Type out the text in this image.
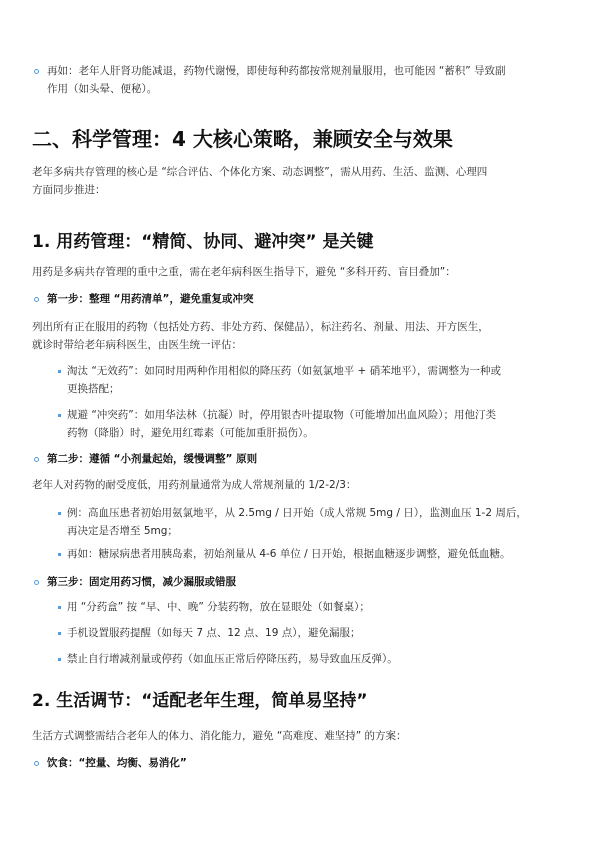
再如：老年人肝肾功能减退，药物代谢慢，即使每种药都按常规剂量服用，也可能因 “蓄积” 导致副
作用（如头晕、便秘）。
二、科学管理：4 大核心策略，兼顾安全与效果
老年多病共存管理的核心是 “综合评估、个体化方案、动态调整”，需从用药、生活、监测、心理四
方面同步推进：
1. 用药管理：“精简、协同、避冲突” 是关键
用药是多病共存管理的重中之重，需在老年病科医生指导下，避免 “多科开药、盲目叠加”：
第一步：整理 “用药清单”，避免重复或冲突
列出所有正在服用的药物（包括处方药、非处方药、保健品），标注药名、剂量、用法、开方医生，
就诊时带给老年病科医生，由医生统一评估：
淘汰 “无效药”：如同时用两种作用相似的降压药（如氨氯地平 + 硝苯地平），需调整为一种或
更换搭配；
规避 “冲突药”：如用华法林（抗凝）时，停用银杏叶提取物（可能增加出血风险）；用他汀类
药物（降脂）时，避免用红霉素（可能加重肝损伤）。
第二步：遵循 “小剂量起始，缓慢调整” 原则
老年人对药物的耐受度低，用药剂量通常为成人常规剂量的 1/2-2/3：
例：高血压患者初始用氨氯地平，从 2.5mg / 日开始（成人常规 5mg / 日），监测血压 1-2 周后，
再决定是否增至 5mg；
再如：糖尿病患者用胰岛素，初始剂量从 4-6 单位 / 日开始，根据血糖逐步调整，避免低血糖。
第三步：固定用药习惯，减少漏服或错服
用 “分药盒” 按 “早、中、晚” 分装药物，放在显眼处（如餐桌）；
手机设置服药提醒（如每天 7 点、12 点、19 点），避免漏服；
禁止自行增减剂量或停药（如血压正常后停降压药，易导致血压反弹）。
2. 生活调节：“适配老年生理，简单易坚持”
生活方式调整需结合老年人的体力、消化能力，避免 “高难度、难坚持” 的方案：
饮食：“控量、均衡、易消化”
